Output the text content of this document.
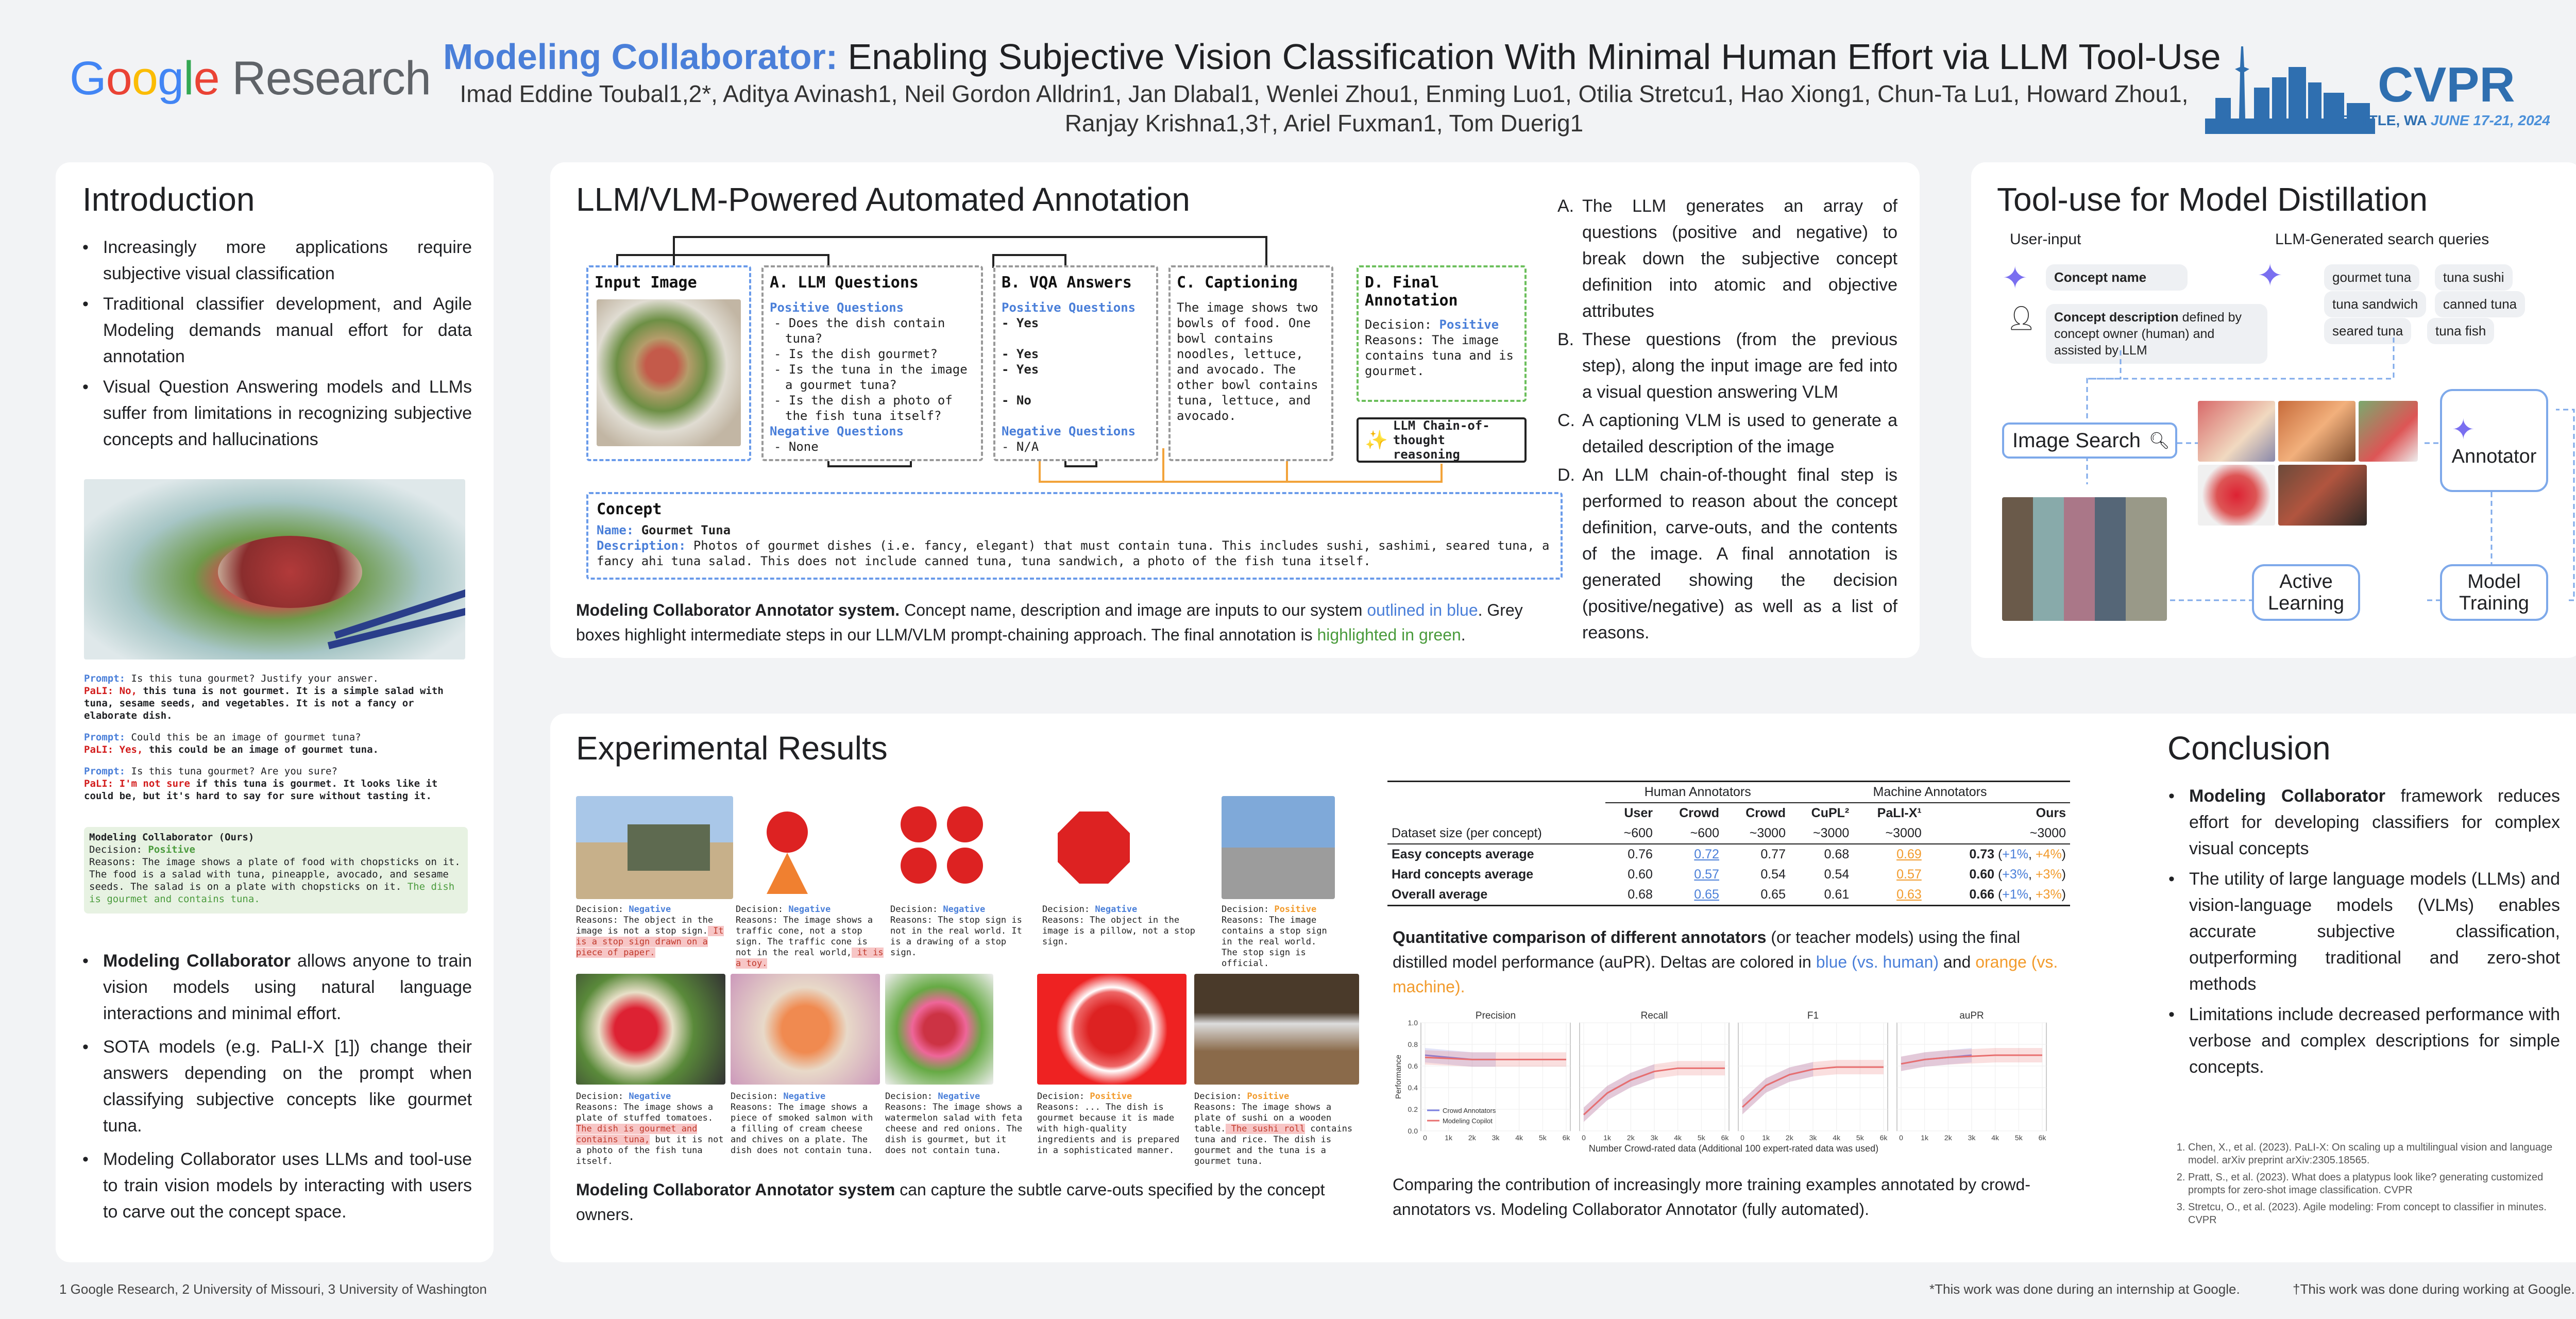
Google Research Modeling Collaborator: Enabling Subjective Vision Classification With Minimal Human Effort via LLM Tool-Use
Imad Eddine Toubal1,2*, Aditya Avinash1, Neil Gordon Alldrin1, Jan Dlabal1, Wenlei Zhou1, Enming Luo1, Otilia Stretcu1, Hao Xiong1, Chun-Ta Lu1, Howard Zhou1,
Ranjay Krishna1,3†, Ariel Fuxman1, Tom Duerig1
CVPR
SEATTLE, WA JUNE 17-21, 2024
Introduction
• Increasingly more applications require subjective visual classification
• Traditional classifier development, and Agile Modeling demands manual effort for data annotation
• Visual Question Answering models and LLMs suffer from limitations in recognizing subjective concepts and hallucinations
Prompt: Is this tuna gourmet? Justify your answer.
PaLI: No, this tuna is not gourmet. It is a simple salad with tuna, sesame seeds, and vegetables. It is not a fancy or elaborate dish.
Prompt: Could this be an image of gourmet tuna?
PaLI: Yes, this could be an image of gourmet tuna.
Prompt: Is this tuna gourmet? Are you sure?
PaLI: I'm not sure if this tuna is gourmet. It looks like it could be, but it's hard to say for sure without tasting it.
Modeling Collaborator (Ours)
Decision: Positive
Reasons: The image shows a plate of food with chopsticks on it. The food is a salad with tuna, pineapple, avocado, and sesame seeds. The salad is on a plate with chopsticks on it. The dish is gourmet and contains tuna.
• Modeling Collaborator allows anyone to train vision models using natural language interactions and minimal effort.
• SOTA models (e.g. PaLI-X [1]) change their answers depending on the prompt when classifying subjective concepts like gourmet tuna.
• Modeling Collaborator uses LLMs and tool-use to train vision models by interacting with users to carve out the concept space.
LLM/VLM-Powered Automated Annotation
Input Image	A. LLM Questions
Positive Questions
- Does the dish contain tuna?
- Is the dish gourmet?
- Is the tuna in the image a gourmet tuna?
- Is the dish a photo of the fish tuna itself?
Negative Questions
- None
B. VQA Answers
Positive Questions
- Yes
- Yes
- Yes
- No
Negative Questions
- N/A
C. Captioning
The image shows two bowls of food. One bowl contains noodles, lettuce, and avocado. The other bowl contains tuna, lettuce, and avocado.
D. Final Annotation
Decision: Positive
Reasons: The image contains tuna and is gourmet.
✨
LLM Chain-of-thought reasoning
Concept
Name: Gourmet Tuna
Description: Photos of gourmet dishes (i.e. fancy, elegant) that must contain tuna. This includes sushi, sashimi, seared tuna, a fancy ahi tuna salad. This does not include canned tuna, tuna sandwich, a photo of the fish tuna itself.
Modeling Collaborator Annotator system. Concept name, description and image are inputs to our system outlined in blue. Grey boxes highlight intermediate steps in our LLM/VLM prompt-chaining approach. The final annotation is highlighted in green.
A. The LLM generates an array of questions (positive and negative) to break down the subjective concept definition into atomic and objective attributes
B. These questions (from the previous step), along the input image are fed into a visual question answering VLM
C. A captioning VLM is used to generate a detailed description of the image
D. An LLM chain-of-thought final step is performed to reason about the concept definition, carve-outs, and the contents of the image. A final annotation is generated showing the decision (positive/negative) as well as a list of reasons.
Tool-use for Model Distillation
User-input	LLM-Generated search queries
✦	Concept name
👤︎	Concept description defined by concept owner (human) and assisted by LLM
✦	gourmet tuna	tuna sushi
tuna sandwich	canned tuna
seared tuna	tuna fish
Image Search 🔍︎	✦
Annotator
Active Learning
Model Training
Experimental Results
Decision: Negative
Reasons: The object in the image is not a stop sign. It is a stop sign drawn on a piece of paper.
Decision: Negative
Reasons: The image shows a traffic cone, not a stop sign. The traffic cone is not in the real world, it is a toy.
Decision: Negative
Reasons: The stop sign is not in the real world. It is a drawing of a stop sign.
Decision: Negative
Reasons: The object in the image is a pillow, not a stop sign.
Decision: Positive
Reasons: The image contains a stop sign in the real world. The stop sign is official.
Decision: Negative
Reasons: The image shows a plate of stuffed tomatoes. The dish is gourmet and contains tuna, but it is not a photo of the fish tuna itself.
Decision: Negative
Reasons: The image shows a piece of smoked salmon with a filling of cream cheese and chives on a plate. The dish does not contain tuna.
Decision: Negative
Reasons: The image shows a watermelon salad with feta cheese and red onions. The dish is gourmet, but it does not contain tuna.
Decision: Positive
Reasons: ... The dish is gourmet because it is made with high-quality ingredients and is prepared in a sophisticated manner.
Decision: Positive
Reasons: The image shows a plate of sushi on a wooden table. The sushi roll contains tuna and rice. The dish is gourmet and the tuna is a gourmet tuna.
Modeling Collaborator Annotator system can capture the subtle carve-outs specified by the concept owners.
	Human Annotators			Machine Annotators		
	User	Crowd	Crowd	CuPL²	PaLI-X¹	Ours
Dataset size (per concept)	~600	~600	~3000	~3000	~3000	~3000
Easy concepts average	0.76	0.72	0.77	0.68	0.69	0.73 (+1%, +4%)
Hard concepts average	0.60	0.57	0.54	0.54	0.57	0.60 (+3%, +3%)
Overall average	0.68	0.65	0.65	0.61	0.63	0.66 (+1%, +3%)
Quantitative comparison of different annotators (or teacher models) using the final distilled model performance (auPR). Deltas are colored in blue (vs. human) and orange (vs. machine).
0.0
0.2
0.4
0.6
0.8
1.0
0 1k 2k 3k 4k 5k 6k
Precision
0 1k 2k 3k 4k 5k 6k
Recall
0 1k 2k 3k 4k 5k 6k
F1
0 1k 2k 3k 4k 5k 6k
auPR
Crowd Annotators
Modeling Copilot
Performance
Number Crowd-rated data (Additional 100 expert-rated data was used)
Comparing the contribution of increasingly more training examples annotated by crowd-annotators vs. Modeling Collaborator Annotator (fully automated).
Conclusion
• Modeling Collaborator framework reduces effort for developing classifiers for complex visual concepts
• The utility of large language models (LLMs) and vision-language models (VLMs) enables accurate subjective classification, outperforming traditional and zero-shot methods
• Limitations include decreased performance with verbose and complex descriptions for simple concepts.
1. Chen, X., et al. (2023). PaLI-X: On scaling up a multilingual vision and language model. arXiv preprint arXiv:2305.18565.
2. Pratt, S., et al. (2023). What does a platypus look like? generating customized prompts for zero-shot image classification. CVPR
3. Stretcu, O., et al. (2023). Agile modeling: From concept to classifier in minutes. CVPR
1 Google Research, 2 University of Missouri, 3 University of Washington	*This work was done during an internship at Google.	†This work was done during working at Google.
